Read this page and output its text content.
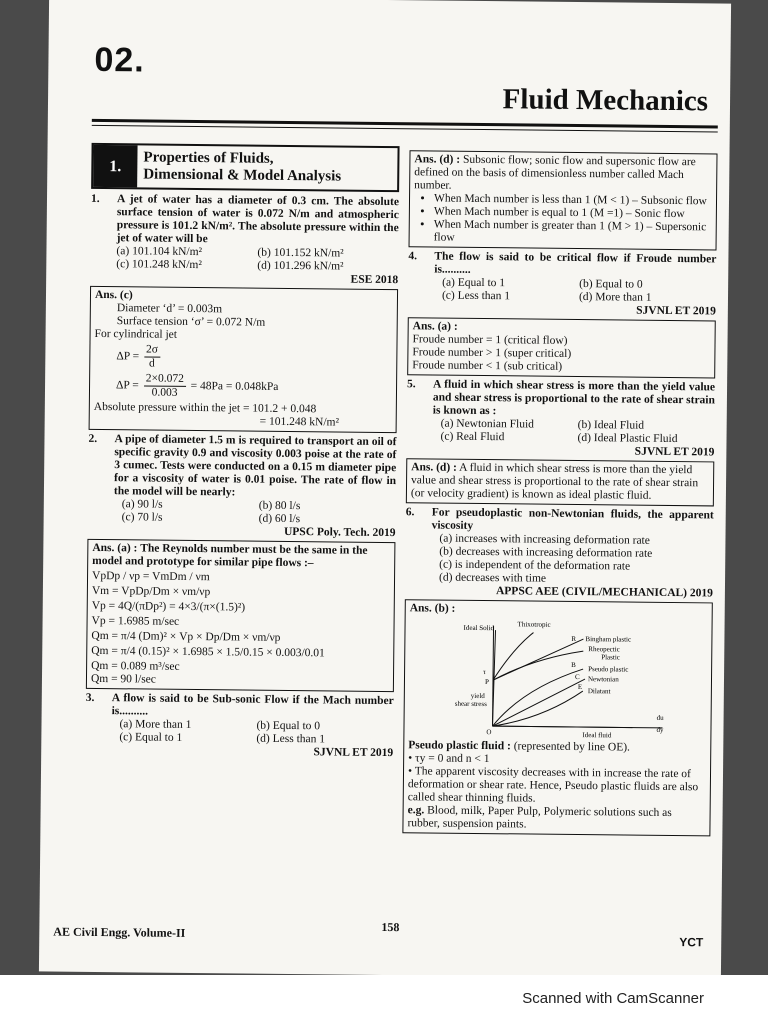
02.
Fluid Mechanics
1.	Properties of Fluids,
Dimensional & Model Analysis
1.	A jet of water has a diameter of 0.3 cm. The absolute surface tension of water is 0.072 N/m and atmospheric pressure is 101.2 kN/m². The absolute pressure within the jet of water will be
(a) 101.104 kN/m²	(b) 101.152 kN/m²
(c) 101.248 kN/m²	(d) 101.296 kN/m²
ESE 2018
Ans. (c)
Diameter ‘d’ = 0.003m
Surface tension ‘σ’ = 0.072 N/m
For cylindrical jet
$\Delta P = \frac{2\sigma}{d}$
$\Delta P = \frac{2\times 0.072}{0.003} = 48Pa = 0.048kPa$
Absolute pressure within the jet = 101.2 + 0.048
= 101.248 kN/m²
2.	A pipe of diameter 1.5 m is required to transport an oil of specific gravity 0.9 and viscosity 0.003 poise at the rate of 3 cumec. Tests were conducted on a 0.15 m diameter pipe for a viscosity of water is 0.01 poise. The rate of flow in the model will be nearly:
(a) 90 l/s	(b) 80 l/s
(c) 70 l/s	(d) 60 l/s
UPSC Poly. Tech. 2019
Ans. (a) : The Reynolds number must be the same in the model and prototype for similar pipe flows :–
VpDp / νp = VmDm / νm
Vm = VpDp/Dm × νm/νp
Vp = 4Q/(πDp²) = 4×3/(π×(1.5)²)
Vp = 1.6985 m/sec
Qm = π/4 (Dm)² × Vp × Dp/Dm × νm/νp
Qm = π/4 (0.15)² × 1.6985 × 1.5/0.15 × 0.003/0.01
Qm = 0.089 m³/sec
Qm = 90 l/sec
3.	A flow is said to be Sub-sonic Flow if the Mach number is..........
(a) More than 1	(b) Equal to 0
(c) Equal to 1	(d) Less than 1
SJVNL ET 2019
Ans. (d) : Subsonic flow; sonic flow and supersonic flow are defined on the basis of dimensionless number called Mach number.
• When Mach number is less than 1 (M < 1) – Subsonic flow
• When Mach number is equal to 1 (M =1) – Sonic flow
• When Mach number is greater than 1 (M > 1) – Supersonic flow
4.	The flow is said to be critical flow if Froude number is..........
(a) Equal to 1	(b) Equal to 0
(c) Less than 1	(d) More than 1
SJVNL ET 2019
Ans. (a) :
Froude number = 1 (critical flow)
Froude number > 1 (super critical)
Froude number < 1 (sub critical)
5.	A fluid in which shear stress is more than the yield value and shear stress is proportional to the rate of shear strain is known as :
(a) Newtonian Fluid	(b) Ideal Fluid
(c) Real Fluid	(d) Ideal Plastic Fluid
SJVNL ET 2019
Ans. (d) : A fluid in which shear stress is more than the yield value and shear stress is proportional to the rate of shear strain (or velocity gradient) is known as ideal plastic fluid.
6.	For pseudoplastic non-Newtonian fluids, the apparent viscosity
(a) increases with increasing deformation rate
(b) decreases with increasing deformation rate
(c) is independent of the deformation rate
(d) decreases with time
APPSC AEE (CIVIL/MECHANICAL) 2019
Ans. (b) :
Ideal Solid	Thixotropic
Bingham plastic
Rheopectic
Plastic
Pseudo plastic
Newtonian
Dilatant
yield
shear stress
Ideal fluid
du
dy
τ
P
R
B
C
O
E
Pseudo plastic fluid : (represented by line OE).
• τy = 0 and n < 1
• The apparent viscosity decreases with in increase the rate of deformation or shear rate. Hence, Pseudo plastic fluids are also called shear thinning fluids.
e.g. Blood, milk, Paper Pulp, Polymeric solutions such as rubber, suspension paints.
AE Civil Engg. Volume-II	158
YCT
Scanned with CamScanner
